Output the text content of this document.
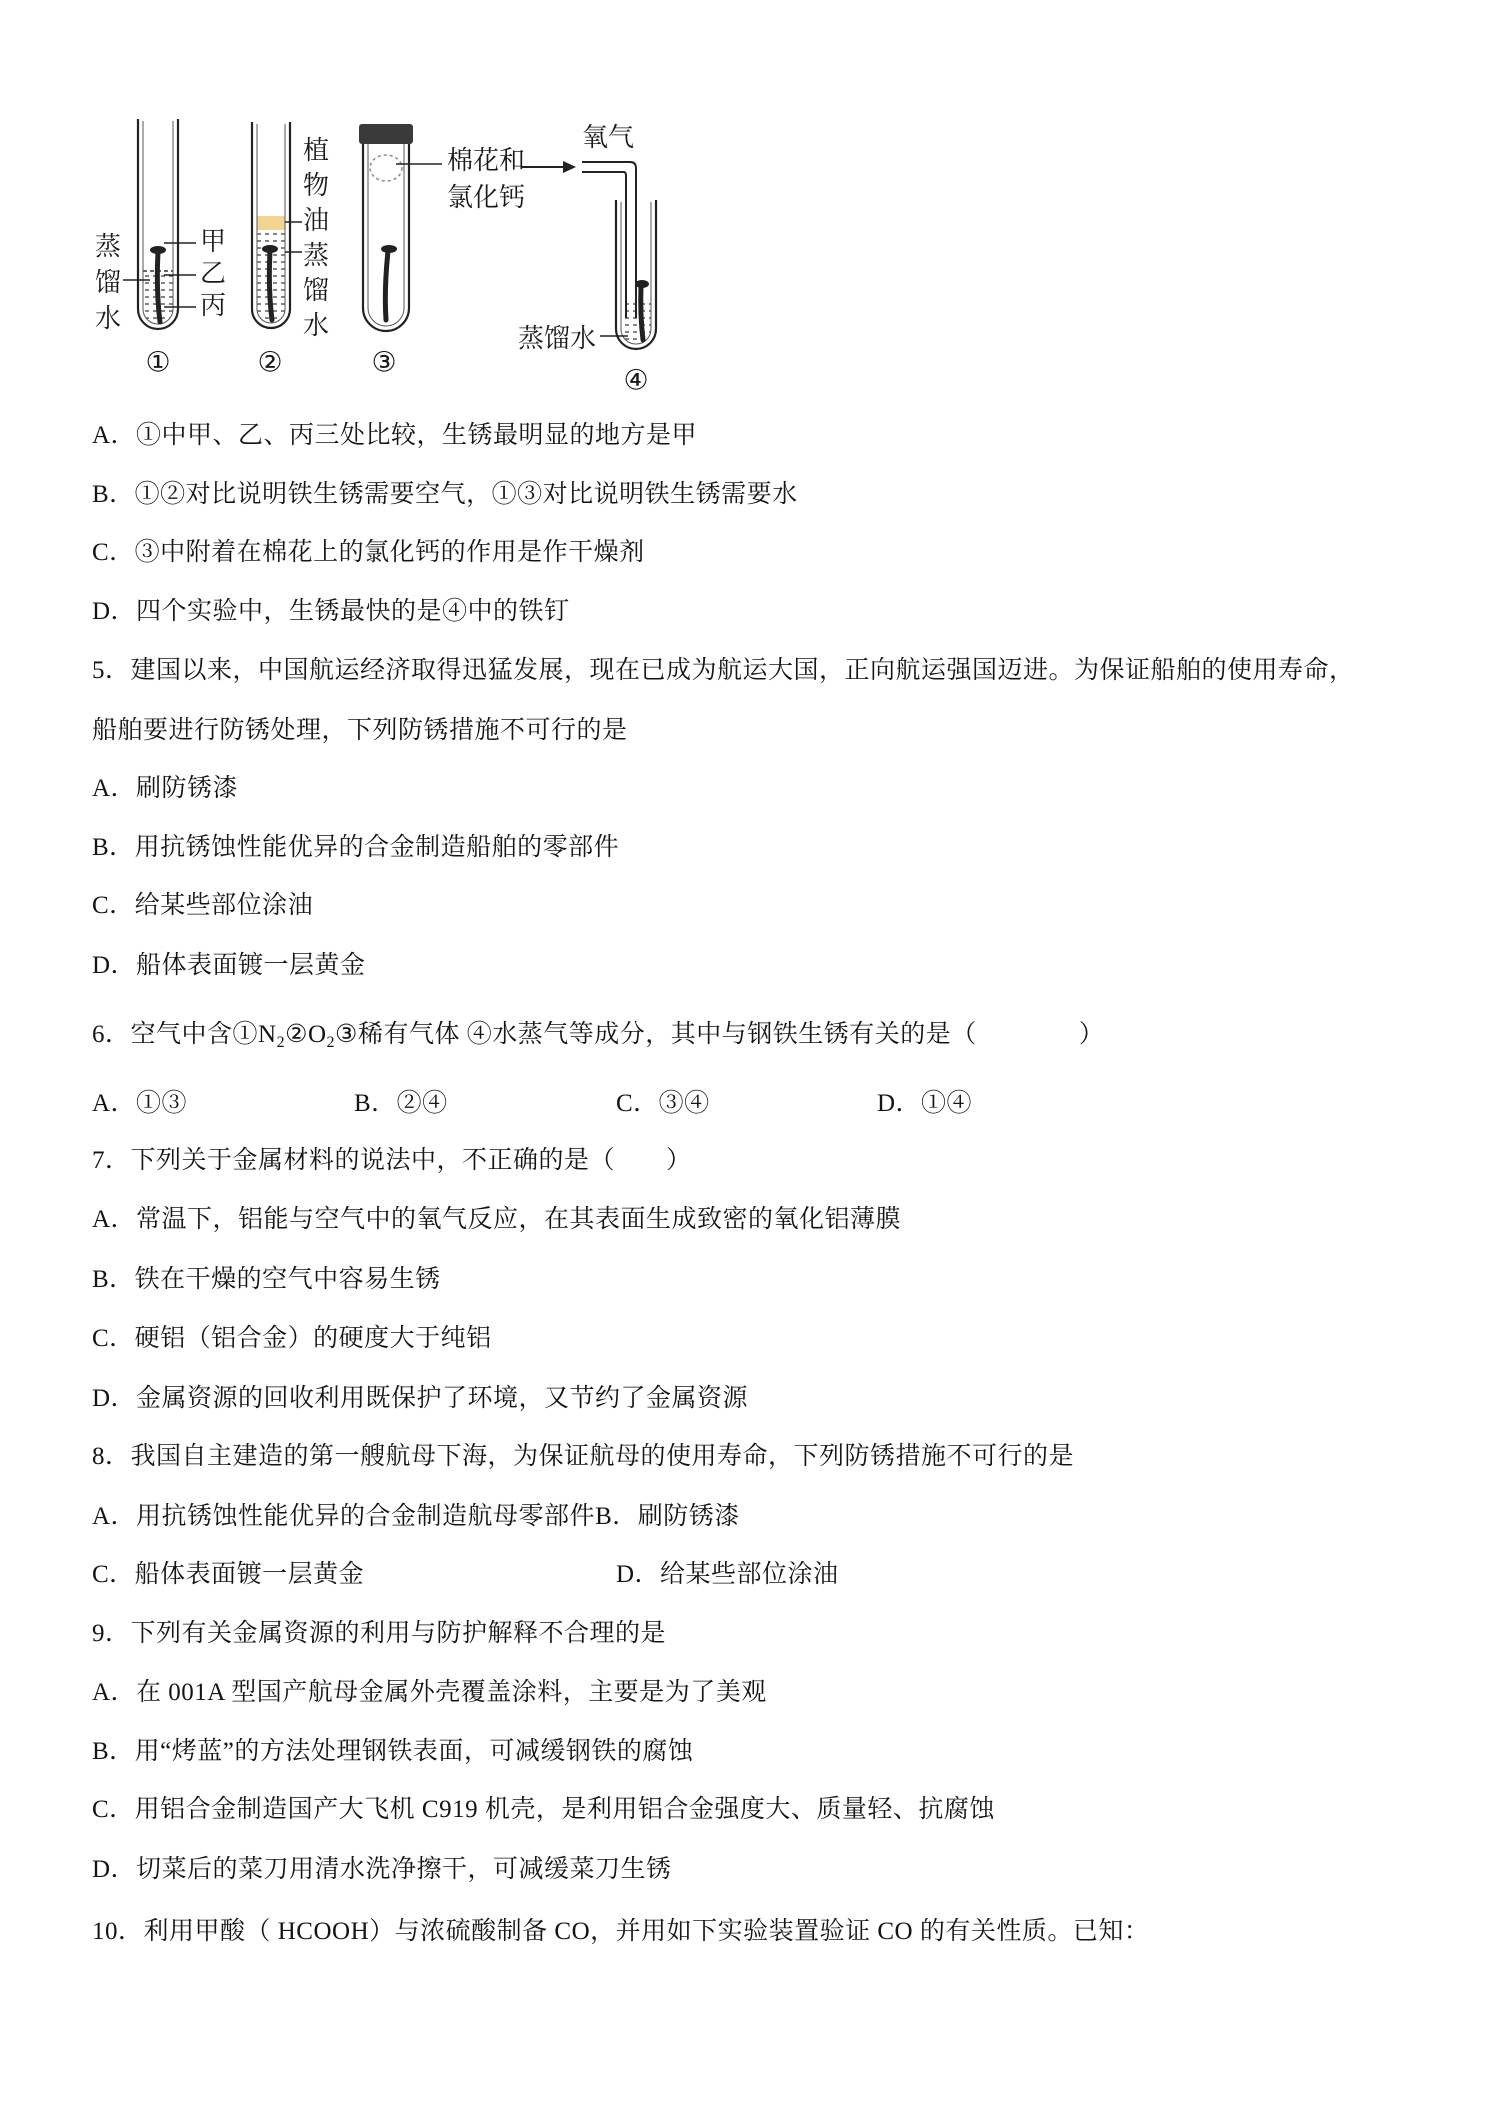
甲
乙
丙
蒸
馏
水
①
植
物
油
蒸
馏
水
②
棉花和
氯化钙
③
氧气
蒸馏水
④
A．①中甲、乙、丙三处比较，生锈最明显的地方是甲
B．①②对比说明铁生锈需要空气，①③对比说明铁生锈需要水
C．③中附着在棉花上的氯化钙的作用是作干燥剂
D．四个实验中，生锈最快的是④中的铁钉
5．建国以来，中国航运经济取得迅猛发展，现在已成为航运大国，正向航运强国迈进。为保证船舶的使用寿命，
船舶要进行防锈处理，下列防锈措施不可行的是
A．刷防锈漆
B．用抗锈蚀性能优异的合金制造船舶的零部件
C．给某些部位涂油
D．船体表面镀一层黄金
6．空气中含$①N_2②O_2③$稀有气体 ④水蒸气等成分，其中与钢铁生锈有关的是（　　　　）
A．①③	B．②④	C．③④	D．①④
7．下列关于金属材料的说法中，不正确的是（　　）
A．常温下，铝能与空气中的氧气反应，在其表面生成致密的氧化铝薄膜
B．铁在干燥的空气中容易生锈
C．硬铝（铝合金）的硬度大于纯铝
D．金属资源的回收利用既保护了环境，又节约了金属资源
8．我国自主建造的第一艘航母下海，为保证航母的使用寿命，下列防锈措施不可行的是
A．用抗锈蚀性能优异的合金制造航母零部件B．刷防锈漆
C．船体表面镀一层黄金	D．给某些部位涂油
9．下列有关金属资源的利用与防护解释不合理的是
A．在 001A 型国产航母金属外壳覆盖涂料，主要是为了美观
B．用“烤蓝”的方法处理钢铁表面，可减缓钢铁的腐蚀
C．用铝合金制造国产大飞机 C919 机壳，是利用铝合金强度大、质量轻、抗腐蚀
D．切菜后的菜刀用清水洗净擦干，可减缓菜刀生锈
10．利用甲酸（ HCOOH）与浓硫酸制备 CO，并用如下实验装置验证 CO 的有关性质。已知：
